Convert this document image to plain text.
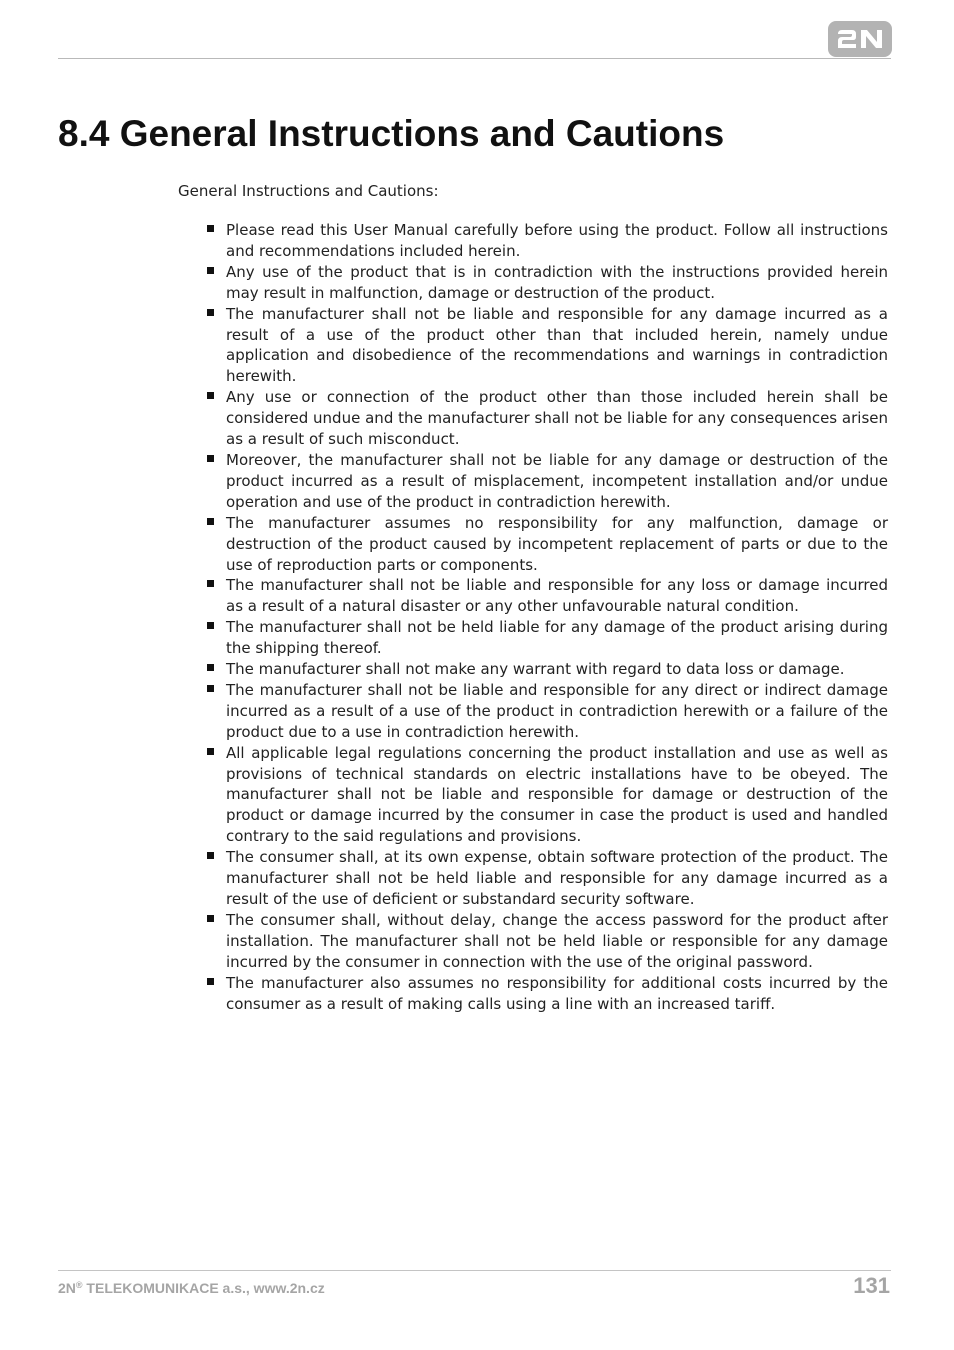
8.4 General Instructions and Cautions

General Instructions and Cautions:

Please read this User Manual carefully before using the product. Follow all instructions and recommendations included herein.
Any use of the product that is in contradiction with the instructions provided herein may result in malfunction, damage or destruction of the product.
The manufacturer shall not be liable and responsible for any damage incurred as a result of a use of the product other than that included herein, namely undue application and disobedience of the recommendations and warnings in contradiction herewith.
Any use or connection of the product other than those included herein shall be considered undue and the manufacturer shall not be liable for any consequences arisen as a result of such misconduct.
Moreover, the manufacturer shall not be liable for any damage or destruction of the product incurred as a result of misplacement, incompetent installation and/or undue operation and use of the product in contradiction herewith.
The manufacturer assumes no responsibility for any malfunction, damage or destruction of the product caused by incompetent replacement of parts or due to the use of reproduction parts or components.
The manufacturer shall not be liable and responsible for any loss or damage incurred as a result of a natural disaster or any other unfavourable natural condition.
The manufacturer shall not be held liable for any damage of the product arising during the shipping thereof.
The manufacturer shall not make any warrant with regard to data loss or damage.
The manufacturer shall not be liable and responsible for any direct or indirect damage incurred as a result of a use of the product in contradiction herewith or a failure of the product due to a use in contradiction herewith.
All applicable legal regulations concerning the product installation and use as well as provisions of technical standards on electric installations have to be obeyed. The manufacturer shall not be liable and responsible for damage or destruction of the product or damage incurred by the consumer in case the product is used and handled contrary to the said regulations and provisions.
The consumer shall, at its own expense, obtain software protection of the product. The manufacturer shall not be held liable and responsible for any damage incurred as a result of the use of deficient or substandard security software.
The consumer shall, without delay, change the access password for the product after installation. The manufacturer shall not be held liable or responsible for any damage incurred by the consumer in connection with the use of the original password.
The manufacturer also assumes no responsibility for additional costs incurred by the consumer as a result of making calls using a line with an increased tariff.
2N® TELEKOMUNIKACE a.s., www.2n.cz	131
